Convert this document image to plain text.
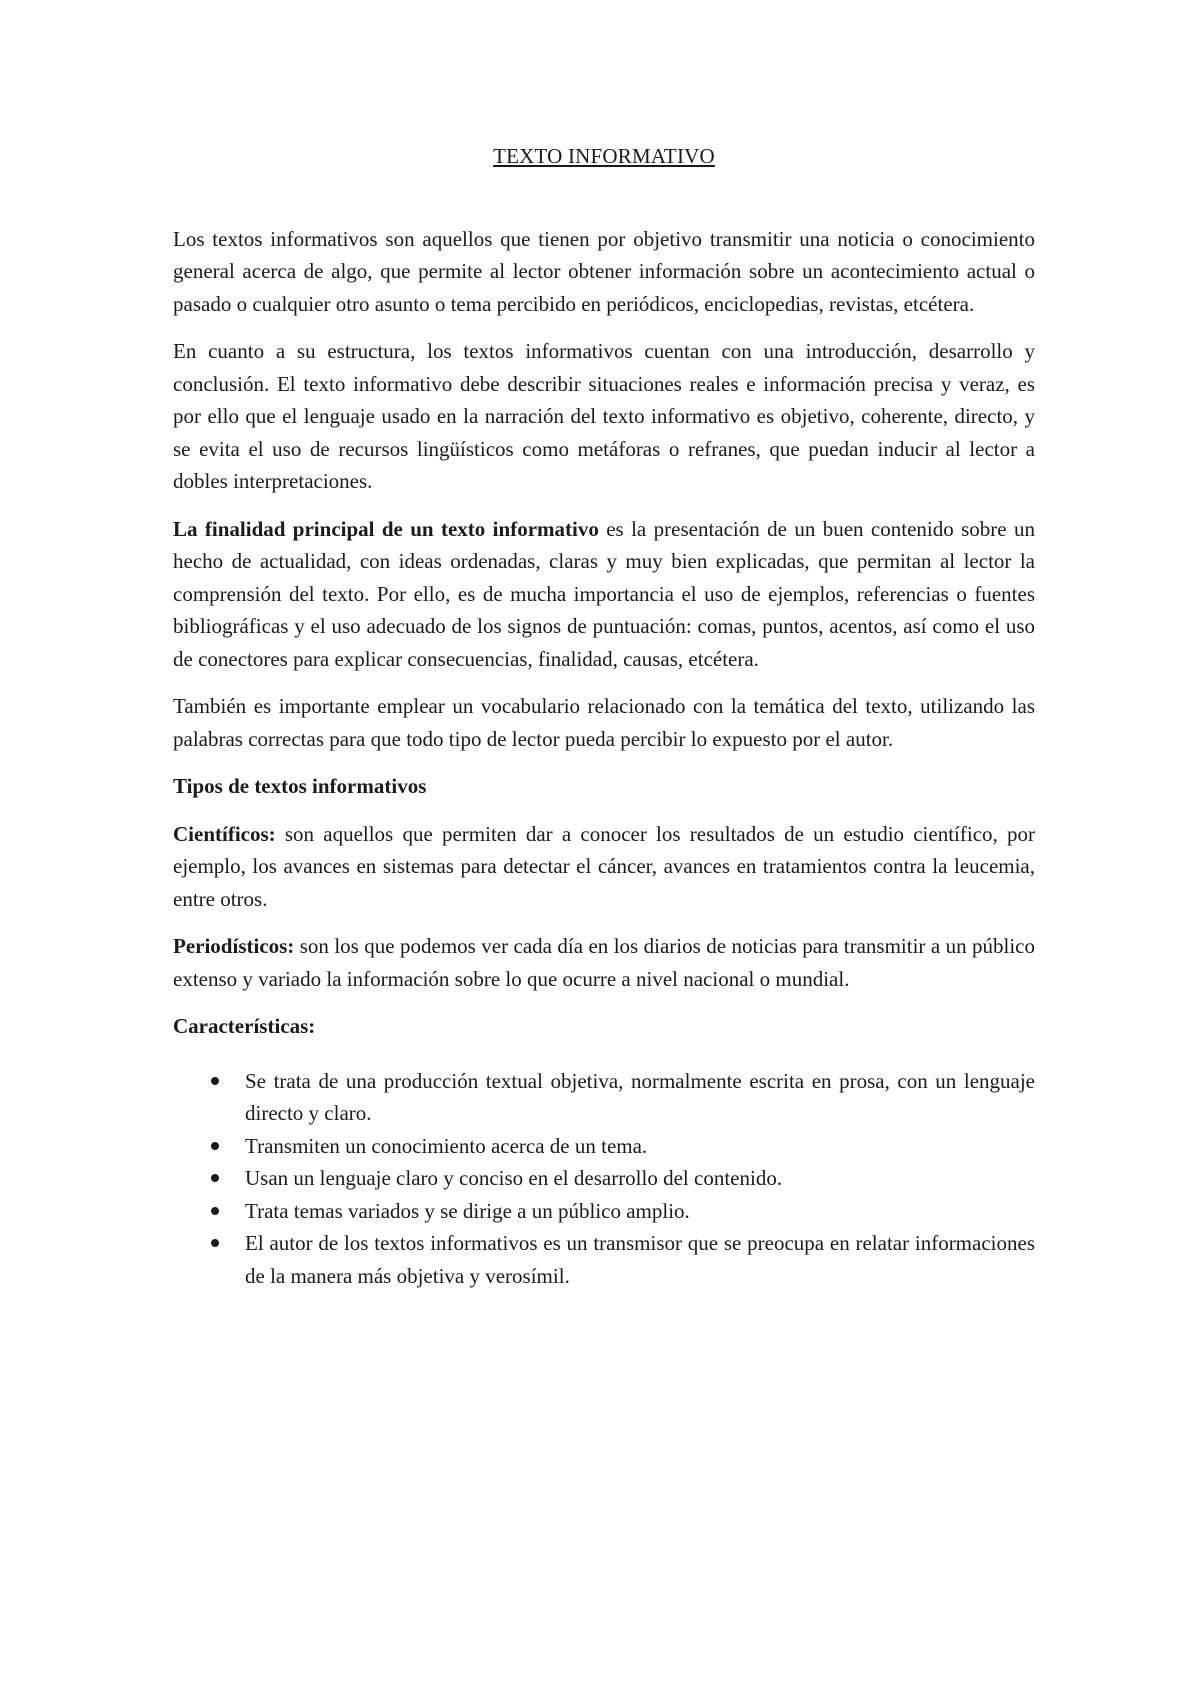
TEXTO INFORMATIVO

Los textos informativos son aquellos que tienen por objetivo transmitir una noticia o conocimiento general acerca de algo, que permite al lector obtener información sobre un acontecimiento actual o pasado o cualquier otro asunto o tema percibido en periódicos, enciclopedias, revistas, etcétera.

En cuanto a su estructura, los textos informativos cuentan con una introducción, desarrollo y conclusión. El texto informativo debe describir situaciones reales e información precisa y veraz, es por ello que el lenguaje usado en la narración del texto informativo es objetivo, coherente, directo, y se evita el uso de recursos lingüísticos como metáforas o refranes, que puedan inducir al lector a dobles interpretaciones.

La finalidad principal de un texto informativo es la presentación de un buen contenido sobre un hecho de actualidad, con ideas ordenadas, claras y muy bien explicadas, que permitan al lector la comprensión del texto. Por ello, es de mucha importancia el uso de ejemplos, referencias o fuentes bibliográficas y el uso adecuado de los signos de puntuación: comas, puntos, acentos, así como el uso de conectores para explicar consecuencias, finalidad, causas, etcétera.

También es importante emplear un vocabulario relacionado con la temática del texto, utilizando las palabras correctas para que todo tipo de lector pueda percibir lo expuesto por el autor.

Tipos de textos informativos

Científicos: son aquellos que permiten dar a conocer los resultados de un estudio científico, por ejemplo, los avances en sistemas para detectar el cáncer, avances en tratamientos contra la leucemia, entre otros.

Periodísticos: son los que podemos ver cada día en los diarios de noticias para transmitir a un público extenso y variado la información sobre lo que ocurre a nivel nacional o mundial.

Características:
Se trata de una producción textual objetiva, normalmente escrita en prosa, con un lenguaje directo y claro.
Transmiten un conocimiento acerca de un tema.
Usan un lenguaje claro y conciso en el desarrollo del contenido.
Trata temas variados y se dirige a un público amplio.
El autor de los textos informativos es un transmisor que se preocupa en relatar informaciones de la manera más objetiva y verosímil.
